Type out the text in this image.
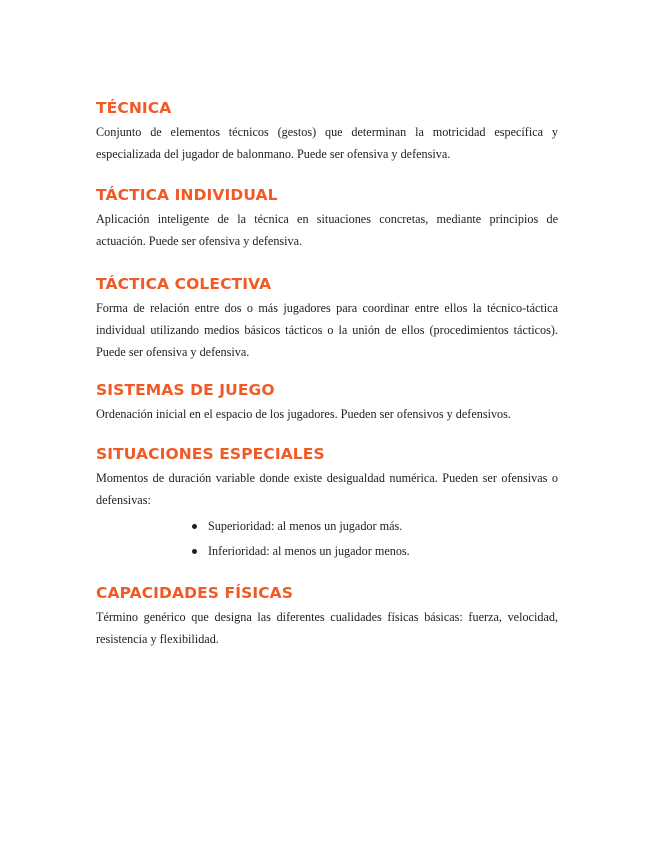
TÉCNICA

Conjunto de elementos técnicos (gestos) que determinan la motricidad específica y especializada del jugador de balonmano. Puede ser ofensiva y defensiva.

TÁCTICA INDIVIDUAL

Aplicación inteligente de la técnica en situaciones concretas, mediante principios de actuación. Puede ser ofensiva y defensiva.

TÁCTICA COLECTIVA

Forma de relación entre dos o más jugadores para coordinar entre ellos la técnico-táctica individual utilizando medios básicos tácticos o la unión de ellos (procedimientos tácticos). Puede ser ofensiva y defensiva.

SISTEMAS DE JUEGO

Ordenación inicial en el espacio de los jugadores. Pueden ser ofensivos y defensivos.

SITUACIONES ESPECIALES

Momentos de duración variable donde existe desigualdad numérica. Pueden ser ofensivas o defensivas:

Superioridad: al menos un jugador más.
Inferioridad: al menos un jugador menos.
CAPACIDADES FÍSICAS

Término genérico que designa las diferentes cualidades físicas básicas: fuerza, velocidad, resistencia y flexibilidad.
